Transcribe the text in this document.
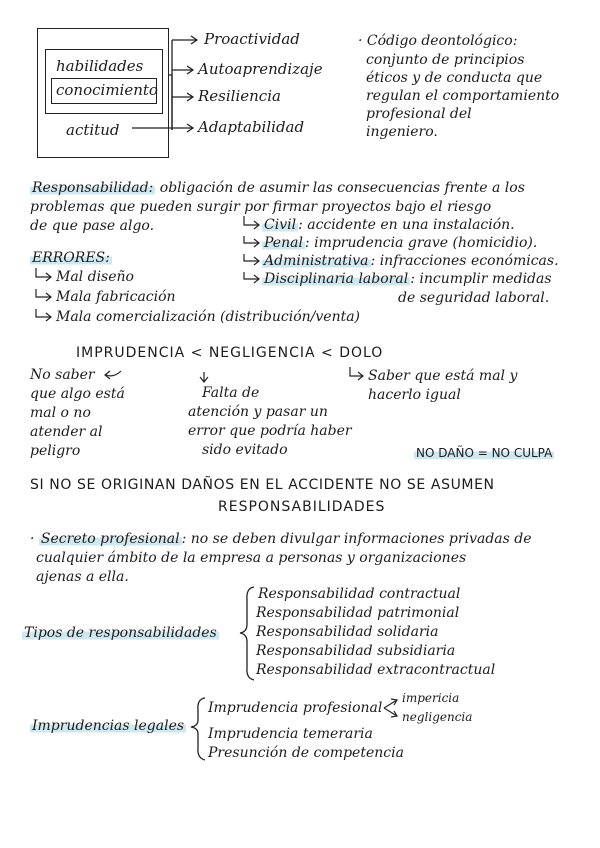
habilidades
conocimiento
actitud
Proactividad
Autoaprendizaje
Resiliencia
Adaptabilidad
· Código deontológico:
conjunto de principios
éticos y de conducta que
regulan el comportamiento
profesional del
ingeniero.
Responsabilidad: obligación de asumir las consecuencias frente a los
problemas que pueden surgir por firmar proyectos bajo el riesgo
de que pase algo.	Civil : accidente en una instalación.
Penal : imprudencia grave (homicidio).
Administrativa : infracciones económicas.
Disciplinaria laboral : incumplir medidas
de seguridad laboral.
ERRORES:
Mal diseño
Mala fabricación
Mala comercialización (distribución/venta)
IMPRUDENCIA < NEGLIGENCIA < DOLO
No saber
que algo está
mal o no
atender al
peligro
Falta de
atención y pasar un
error que podría haber
sido evitado
Saber que está mal y
hacerlo igual
NO DAÑO = NO CULPA
SI NO SE ORIGINAN DAÑOS EN EL ACCIDENTE NO SE ASUMEN
RESPONSABILIDADES
· Secreto profesional : no se deben divulgar informaciones privadas de
cualquier ámbito de la empresa a personas y organizaciones
ajenas a ella.
Tipos de responsabilidades
Responsabilidad contractual
Responsabilidad patrimonial
Responsabilidad solidaria
Responsabilidad subsidiaria
Responsabilidad extracontractual
Imprudencias legales
Imprudencia profesional
Imprudencia temeraria
Presunción de competencia
impericia
negligencia
